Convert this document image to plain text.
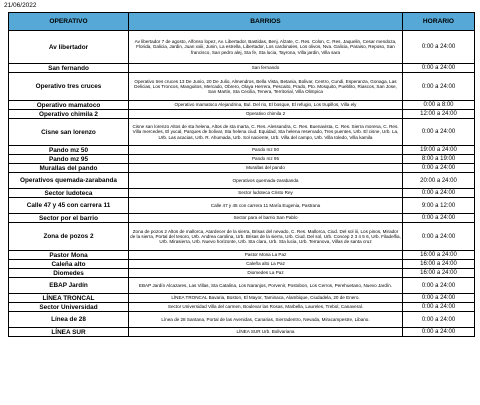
21/06/2022
OPERATIVO	BARRIOS	HORARIO
Av libertador	Av libertador 7 de agosto, Alfonso lopez, Av. Libertador, Bastidas, Benj. Alzate, C. Res. Colon, C. Res. Jaquelin, Cesar mendoza, Florida, Galicia, Jardin, Juan xxiii, Junin, La estrella, Libertador, Los cardonales, Los olivos, Nva. Galicia, Paraiso, Reposo, San francisco, San pedro alej, Sta fe, Sta lucia, Tayrona, Villa jardin, Villa sara	0:00 a 24:00
San fernando	San fernando	0:00 a 24:00
Operativo tres cruces	Operativo tres cruces 13 De Junio, 20 De Julio, Almendros, Bella Vista, Betania, Bolivar, Centro, Cundi, Esperanza, Gonaga, Las Delicias, Los Troncos, Manguitos, Mercado, Obrero, Olaya Herrera, Pescaito, Prado, Pto. Mosquito, Pueblito, Riascos, San Jose, San Martin, Sta Cecilia, Tenera, Territorial, Villa Olimpica	0:00 a 24:00
Operativo mamatoco	Operativo mamatoco Alejandrina, Bul. Del rio, El bosque, El refugio, Los trupillos, Villa ely	0:00 a 8:00
Operativo chimila 2	Operativo chimila 2	12:00 a 24:00
Cisne san lorenzo	Cisne san lorenzo Altos de sta helena, Altos de sta marta, C. Res. Alessandra, C. Res. Buenavista, C. Res. Sierra morena, C. Res. Villa mercedes, El yucal, Parques de bolivar, Sta helena ciud. Equidad, Sta helena reservado, Tres puentes, Urb. El cisne, Urb. La, Urb. Las acacias, Urb. R. Ahumada, Urb. Sol naciente, Urb. Villa del campo, Urb. Villa toledo, Villa kamila	0:00 a 24:00
Pando mz 50	Pando mz 50	19:00 a 24:00
Pando mz 95	Pando mz 95	8:00 a 19:00
Murallas del pando	Murallas del pando	0:00 a 24:00
Operativos quemada-zarabanda	Operativos quemada-zarabanda	20:00 a 24:00
Sector ludoteca	Sector ludoteca Cristo Rey	0:00 a 24:00
Calle 47 y 45 con carrera 11	Calle 47 y 45 con carrera 11 María Eugenia, Pastrana	9:00 a 12:00
Sector por el barrio	Sector para el barrio San Pablo	0:00 a 24:00
Zona de pozos 2	Zona de pozos 2 Altos de mallorca, Atardecer de la sierra, Brisas del nevado, C. Res. Mallorca, Ciud. Del sol iii, Los pinos, Mirador de la sierra, Portal del tesoro, Urb. Andrea carolina, Urb. Brisas de la sierra, Urb. Ciud. Del sol, Urb. Concep 2 3 4 5 6, Urb. Filadelfia, Urb. Mirasierra, Urb. Nuevo horizonte, Urb. Sta clara, Urb. Sta lucia, Urb. Terranova, Villas de santa cruz	0:00 a 24:00
Pastor Mona	Pastor Mona La Paz	16:00 a 24:00
Caleña alto	Caleña alto La Paz	16:00 a 24:00
Diomedes	Diomedes La Paz	16:00 a 24:00
EBAP Jardín	EBAP Jardín Alcazares, Las Villas, Sta Catalina, Los Naranjos, Porvenir, Postobon, Los Cerros, Perehuetano, Nuevo Jardín.	0:00 a 24:00
LÍNEA TRONCAL	LÍNEA TRONCAL Bavaria, Boston, El Mayor, Taminaca, Alambique, Ciudadela, 20 de Enero.	0:00 a 24:00
Sector Universidad	Sector Universidad Villa del carmen, Boulevar las Rosas, Marbella, Laureles, Trebol, Canaveral.	0:00 a 24:00
Línea de 28	Línea de 28 Santana, Portal de las Avenidas, Canarias, Sierradentro, Nevada, Miracampestre, Libano.	0:00 a 24:00
LÍNEA SUR	LÍNEA SUR Urb. Bolivariana	0:00 a 24:00
